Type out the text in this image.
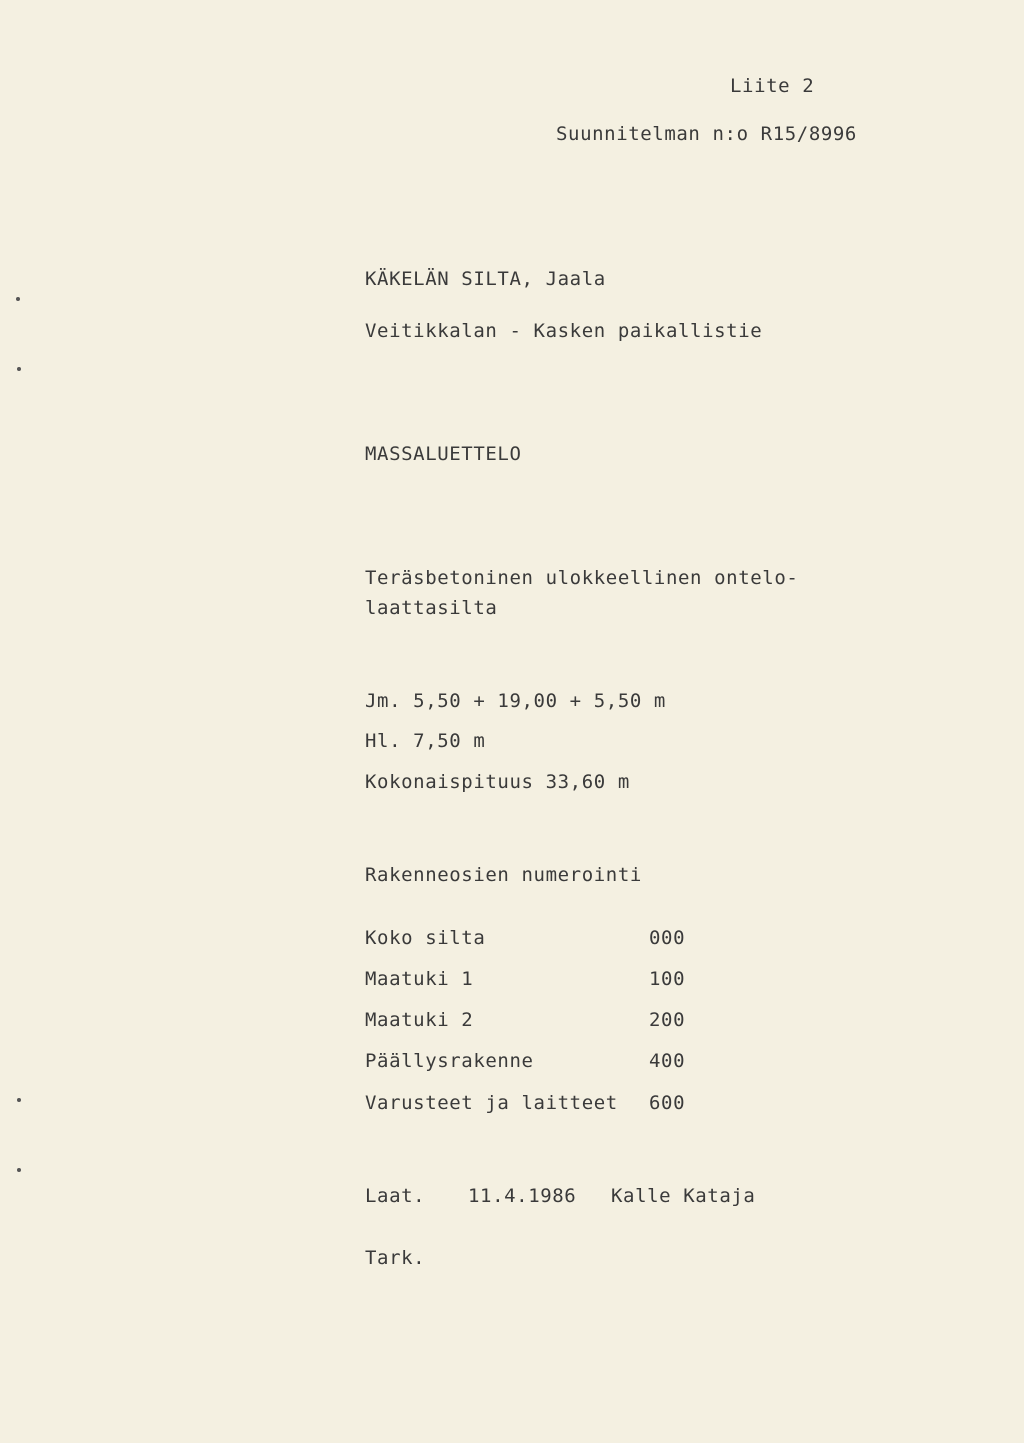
Liite 2
Suunnitelman n:o R15/8996
KÄKELÄN SILTA, Jaala
Veitikkalan - Kasken paikallistie
MASSALUETTELO
Teräsbetoninen ulokkeellinen ontelo-
laattasilta
Jm. 5,50 + 19,00 + 5,50 m
Hl. 7,50 m
Kokonaispituus 33,60 m
Rakenneosien numerointi
Koko silta	000
Maatuki 1	100
Maatuki 2	200
Päällysrakenne	400
Varusteet ja laitteet 600
Laat. 11.4.1986 Kalle Kataja
Tark.
